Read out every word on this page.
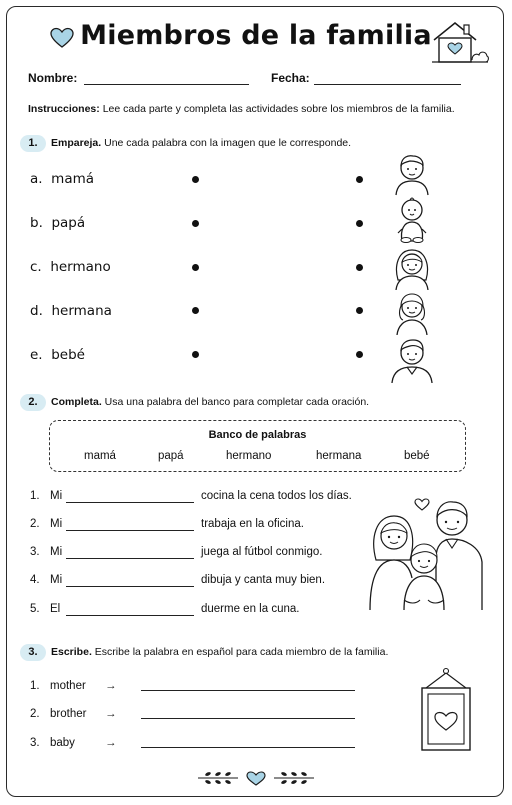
Miembros de la familia
Nombre:	Fecha:
Instrucciones: Lee cada parte y completa las actividades sobre los miembros de la familia.
1.	Empareja. Une cada palabra con la imagen que le corresponde.
a. mamá
b. papá
c. hermano
d. hermana
e. bebé
2.	Completa. Usa una palabra del banco para completar cada oración.
Banco de palabras
mamá	papá	hermano	hermana	bebé
1. Mi	cocina la cena todos los días.
2. Mi	trabaja en la oficina.
3. Mi	juega al fútbol conmigo.
4. Mi	dibuja y canta muy bien.
5. El	duerme en la cuna.
3.	Escribe. Escribe la palabra en español para cada miembro de la familia.
1. mother →
2. brother →
3. baby	→
